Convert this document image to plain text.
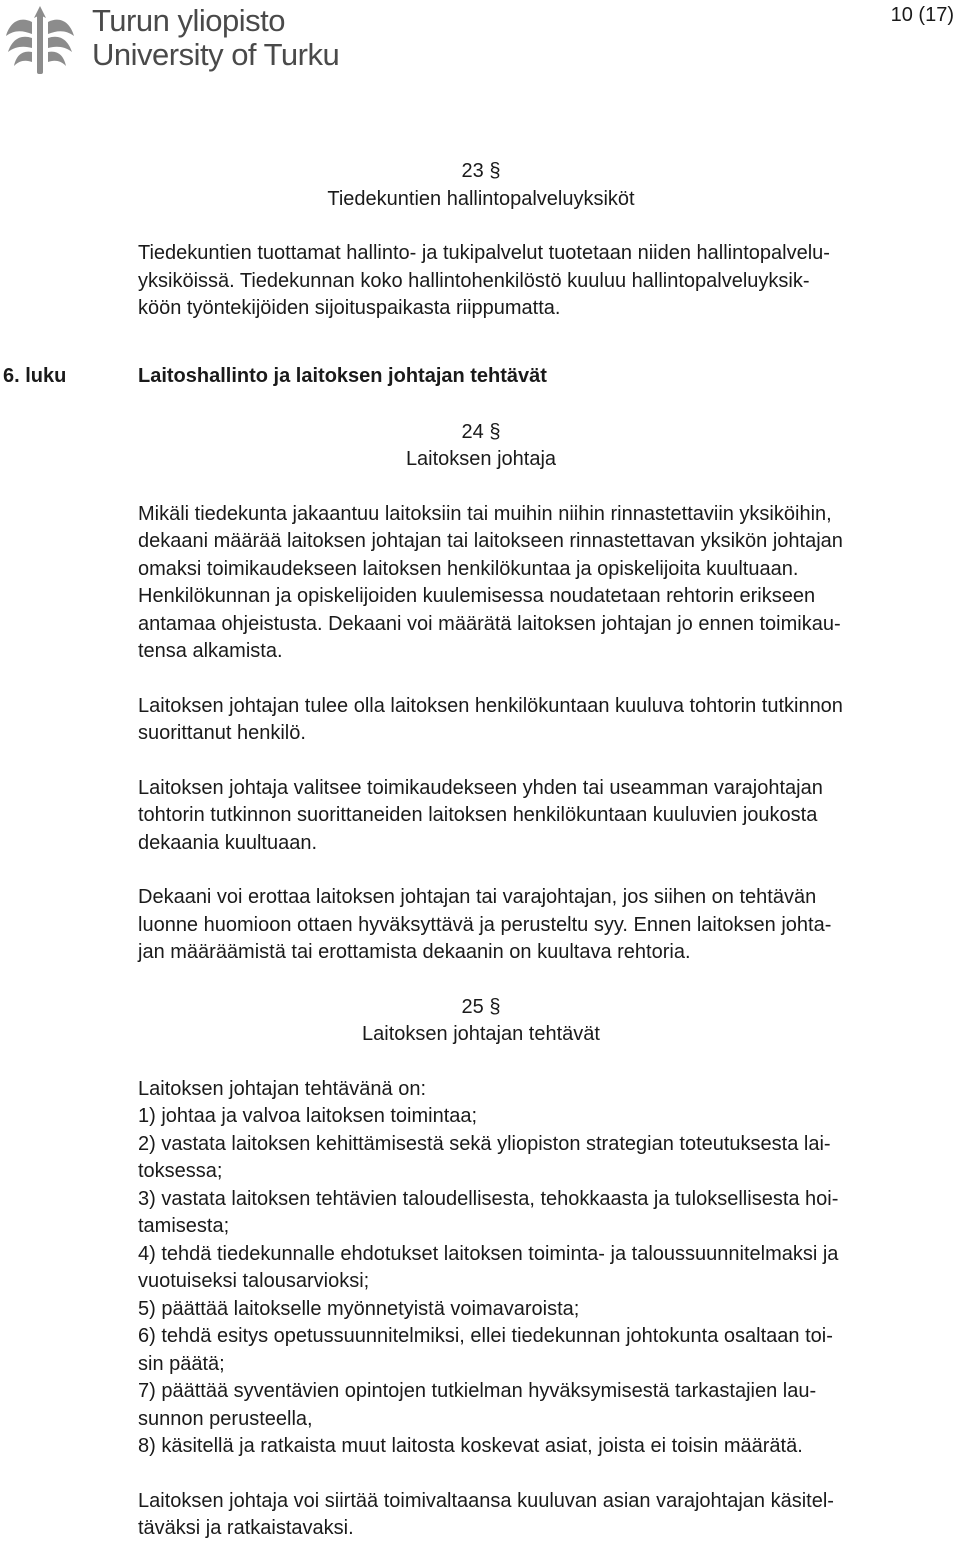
Turun yliopisto
University of Turku
10 (17)

23 §

Tiedekuntien hallintopalveluyksiköt

Tiedekuntien tuottamat hallinto- ja tukipalvelut tuotetaan niiden hallintopalvelu-

yksiköissä. Tiedekunnan koko hallintohenkilöstö kuuluu hallintopalveluyksik-

köön työntekijöiden sijoituspaikasta riippumatta.

6. luku	Laitoshallinto ja laitoksen johtajan tehtävät

24 §

Laitoksen johtaja

Mikäli tiedekunta jakaantuu laitoksiin tai muihin niihin rinnastettaviin yksiköihin,

dekaani määrää laitoksen johtajan tai laitokseen rinnastettavan yksikön johtajan

omaksi toimikaudekseen laitoksen henkilökuntaa ja opiskelijoita kuultuaan.

Henkilökunnan ja opiskelijoiden kuulemisessa noudatetaan rehtorin erikseen

antamaa ohjeistusta. Dekaani voi määrätä laitoksen johtajan jo ennen toimikau-

tensa alkamista.

Laitoksen johtajan tulee olla laitoksen henkilökuntaan kuuluva tohtorin tutkinnon

suorittanut henkilö.

Laitoksen johtaja valitsee toimikaudekseen yhden tai useamman varajohtajan

tohtorin tutkinnon suorittaneiden laitoksen henkilökuntaan kuuluvien joukosta

dekaania kuultuaan.

Dekaani voi erottaa laitoksen johtajan tai varajohtajan, jos siihen on tehtävän

luonne huomioon ottaen hyväksyttävä ja perusteltu syy. Ennen laitoksen johta-

jan määräämistä tai erottamista dekaanin on kuultava rehtoria.

25 §

Laitoksen johtajan tehtävät

Laitoksen johtajan tehtävänä on:

1) johtaa ja valvoa laitoksen toimintaa;

2) vastata laitoksen kehittämisestä sekä yliopiston strategian toteutuksesta lai-

toksessa;

3) vastata laitoksen tehtävien taloudellisesta, tehokkaasta ja tuloksellisesta hoi-

tamisesta;

4) tehdä tiedekunnalle ehdotukset laitoksen toiminta- ja taloussuunnitelmaksi ja

vuotuiseksi talousarvioksi;

5) päättää laitokselle myönnetyistä voimavaroista;

6) tehdä esitys opetussuunnitelmiksi, ellei tiedekunnan johtokunta osaltaan toi-

sin päätä;

7) päättää syventävien opintojen tutkielman hyväksymisestä tarkastajien lau-

sunnon perusteella,

8) käsitellä ja ratkaista muut laitosta koskevat asiat, joista ei toisin määrätä.

Laitoksen johtaja voi siirtää toimivaltaansa kuuluvan asian varajohtajan käsitel-

täväksi ja ratkaistavaksi.
